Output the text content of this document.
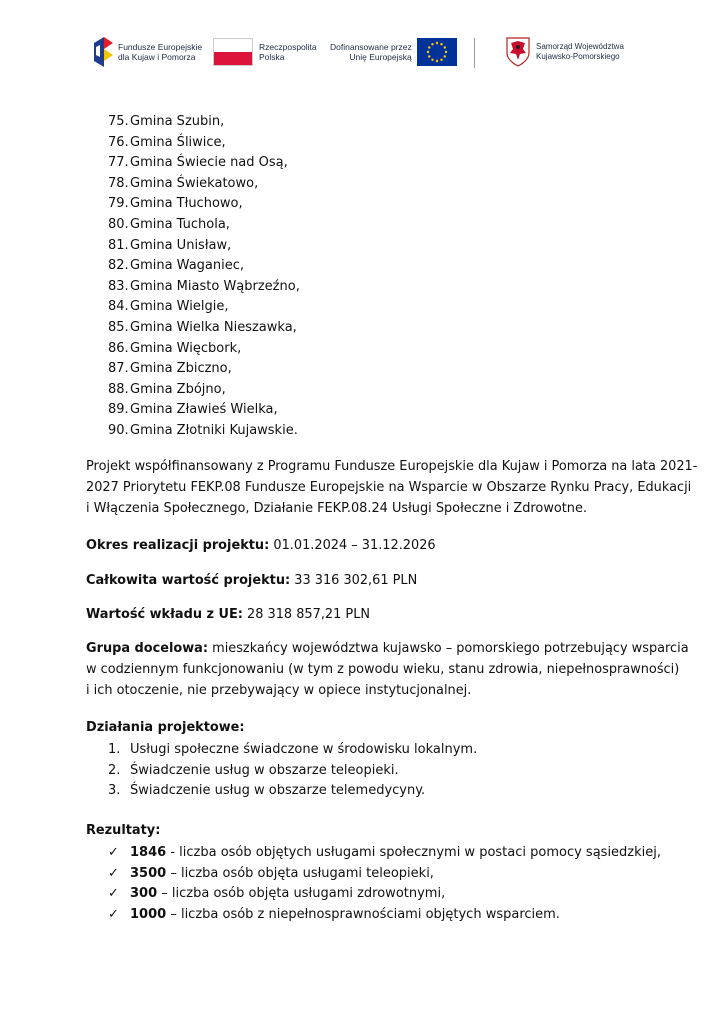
Fundusze Europejskie
dla Kujaw i Pomorza
Rzeczpospolita
Polska
Dofinansowane przez
Unię Europejską
Samorząd Województwa
Kujawsko-Pomorskiego
75.Gmina Szubin,
76.Gmina Śliwice,
77.Gmina Świecie nad Osą,
78.Gmina Świekatowo,
79.Gmina Tłuchowo,
80.Gmina Tuchola,
81.Gmina Unisław,
82.Gmina Waganiec,
83.Gmina Miasto Wąbrzeźno,
84.Gmina Wielgie,
85.Gmina Wielka Nieszawka,
86.Gmina Więcbork,
87.Gmina Zbiczno,
88.Gmina Zbójno,
89.Gmina Zławieś Wielka,
90.Gmina Złotniki Kujawskie.
Projekt współfinansowany z Programu Fundusze Europejskie dla Kujaw i Pomorza na lata 2021-
2027 Priorytetu FEKP.08 Fundusze Europejskie na Wsparcie w Obszarze Rynku Pracy, Edukacji
i Włączenia Społecznego, Działanie FEKP.08.24 Usługi Społeczne i Zdrowotne.
Okres realizacji projektu: 01.01.2024 – 31.12.2026
Całkowita wartość projektu: 33 316 302,61 PLN
Wartość wkładu z UE: 28 318 857,21 PLN
Grupa docelowa: mieszkańcy województwa kujawsko – pomorskiego potrzebujący wsparcia
w codziennym funkcjonowaniu (w tym z powodu wieku, stanu zdrowia, niepełnosprawności)
i ich otoczenie, nie przebywający w opiece instytucjonalnej.
Działania projektowe:
1. Usługi społeczne świadczone w środowisku lokalnym.
2. Świadczenie usług w obszarze teleopieki.
3. Świadczenie usług w obszarze telemedycyny.
Rezultaty:
✓ 1846 - liczba osób objętych usługami społecznymi w postaci pomocy sąsiedzkiej,
✓ 3500 – liczba osób objęta usługami teleopieki,
✓ 300 – liczba osób objęta usługami zdrowotnymi,
✓ 1000 – liczba osób z niepełnosprawnościami objętych wsparciem.
